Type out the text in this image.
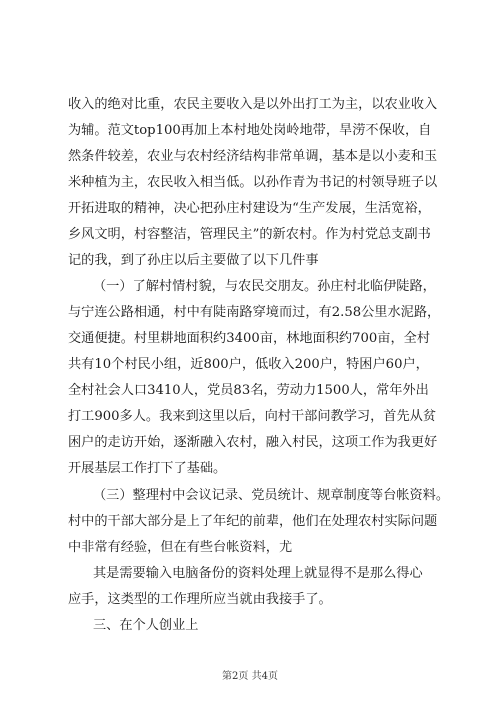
收入的绝对比重，农民主要收入是以外出打工为主，以农业收入
为辅。范文top100再加上本村地处岗岭地带，旱涝不保收，自
然条件较差，农业与农村经济结构非常单调，基本是以小麦和玉
米种植为主，农民收入相当低。以孙作青为书记的村领导班子以
开拓进取的精神，决心把孙庄村建设为“生产发展，生活宽裕，
乡风文明，村容整洁，管理民主”的新农村。作为村党总支副书
记的我，到了孙庄以后主要做了以下几件事
（一）了解村情村貌，与农民交朋友。孙庄村北临伊陡路，
与宁连公路相通，村中有陡南路穿境而过，有2.58公里水泥路，
交通便捷。村里耕地面积约3400亩，林地面积约700亩，全村
共有10个村民小组，近800户，低收入200户，特困户60户，
全村社会人口3410人，党员83名，劳动力1500人，常年外出
打工900多人。我来到这里以后，向村干部问教学习，首先从贫
困户的走访开始，逐渐融入农村，融入村民，这项工作为我更好
开展基层工作打下了基础。
（三）整理村中会议记录、党员统计、规章制度等台帐资料。
村中的干部大部分是上了年纪的前辈，他们在处理农村实际问题
中非常有经验，但在有些台帐资料，尤
其是需要输入电脑备份的资料处理上就显得不是那么得心
应手，这类型的工作理所应当就由我接手了。
三、在个人创业上
第2页 共4页
